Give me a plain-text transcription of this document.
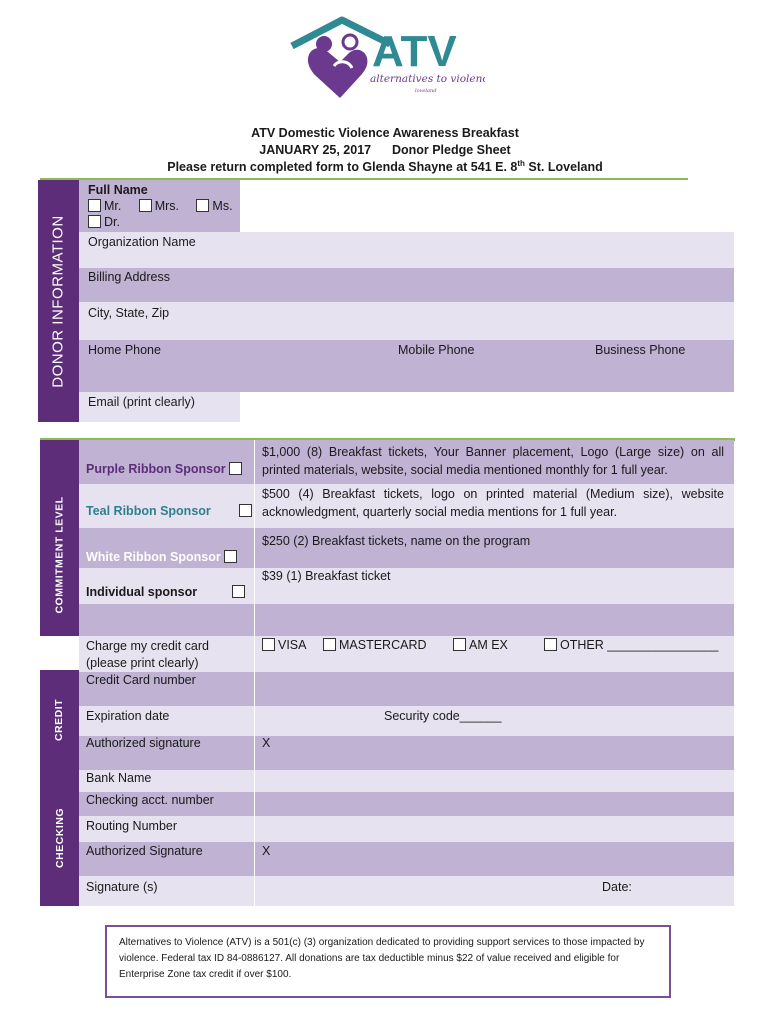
ATV
alternatives to violence
loveland
ATV Domestic Violence Awareness Breakfast
JANUARY 25, 2017      Donor Pledge Sheet
Please return completed form to Glenda Shayne at 541 E. 8th St. Loveland
DONOR INFORMATION
Full Name
Mr.	Mrs.	Ms.
Dr.
Organization Name
Billing Address
City, State, Zip
Home Phone	Mobile Phone	Business Phone
Email (print clearly)
COMMITMENT LEVEL
Purple Ribbon Sponsor
$1,000 (8) Breakfast tickets, Your Banner placement, Logo (Large size) on all printed materials, website, social media mentioned monthly for 1 full year.
Teal Ribbon Sponsor
$500 (4) Breakfast tickets, logo on printed material (Medium size), website acknowledgment, quarterly social media mentions for 1 full year.
White Ribbon Sponsor
$250 (2) Breakfast tickets, name on the program
Individual sponsor
$39 (1) Breakfast ticket
CREDIT
Charge my credit card
(please print clearly)
VISA	MASTERCARD	AM EX	OTHER ________________
Credit Card number
Expiration date	Security code______
Authorized signature	X
CHECKING
Bank Name
Checking acct. number
Routing Number
Authorized Signature	X
Signature (s)	Date:
Alternatives to Violence (ATV) is a 501(c) (3) organization dedicated to providing support services to those impacted by violence. Federal tax ID 84-0886127. All donations are tax deductible minus $22 of value received and eligible for Enterprise Zone tax credit if over $100.
